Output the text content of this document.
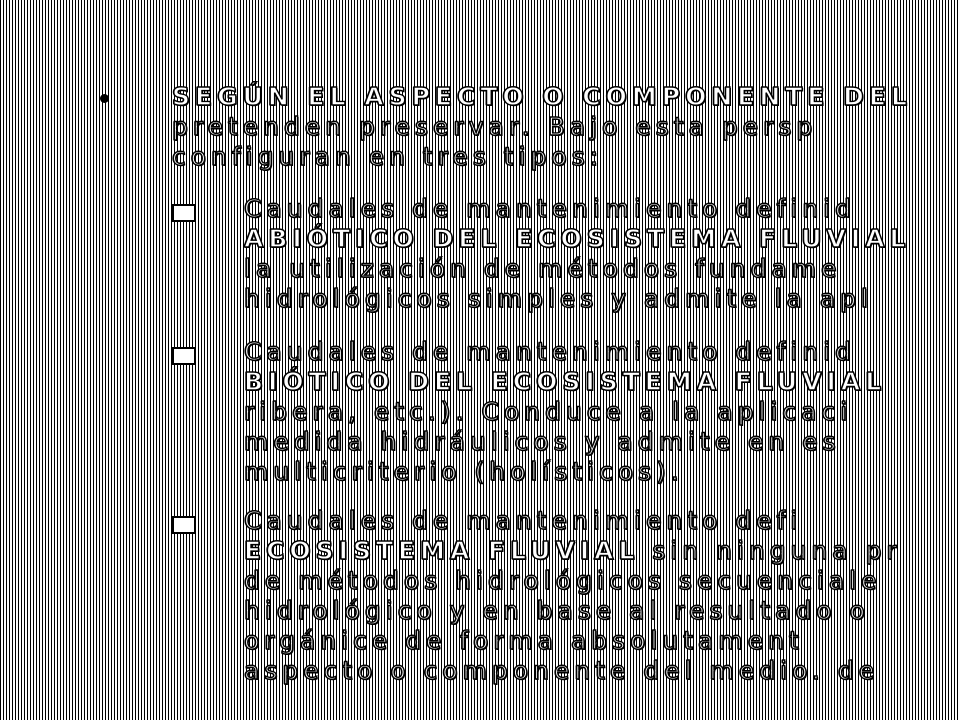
SEGÚN EL ASPECTO O COMPONENTE DEL
pretenden preservar. Bajo esta persp
configuran en tres tipos:
Caudales de mantenimiento definid
ABIÓTICO DEL ECOSISTEMA FLUVIAL
la utilización de métodos fundame
hidrológicos simples y admite la apl
Caudales de mantenimiento definid
BIÓTICO DEL ECOSISTEMA FLUVIAL
ribera, etc.). Conduce a la aplicaci
medida hidráulicos y admite en es
multicriterio (holísticos).
Caudales de mantenimiento defi
ECOSISTEMA FLUVIAL sin ninguna pr
de métodos hidrológicos secuenciale
hidrológico y en base al resultado o
orgánice de forma absolutament
aspecto o componente del medio. de
